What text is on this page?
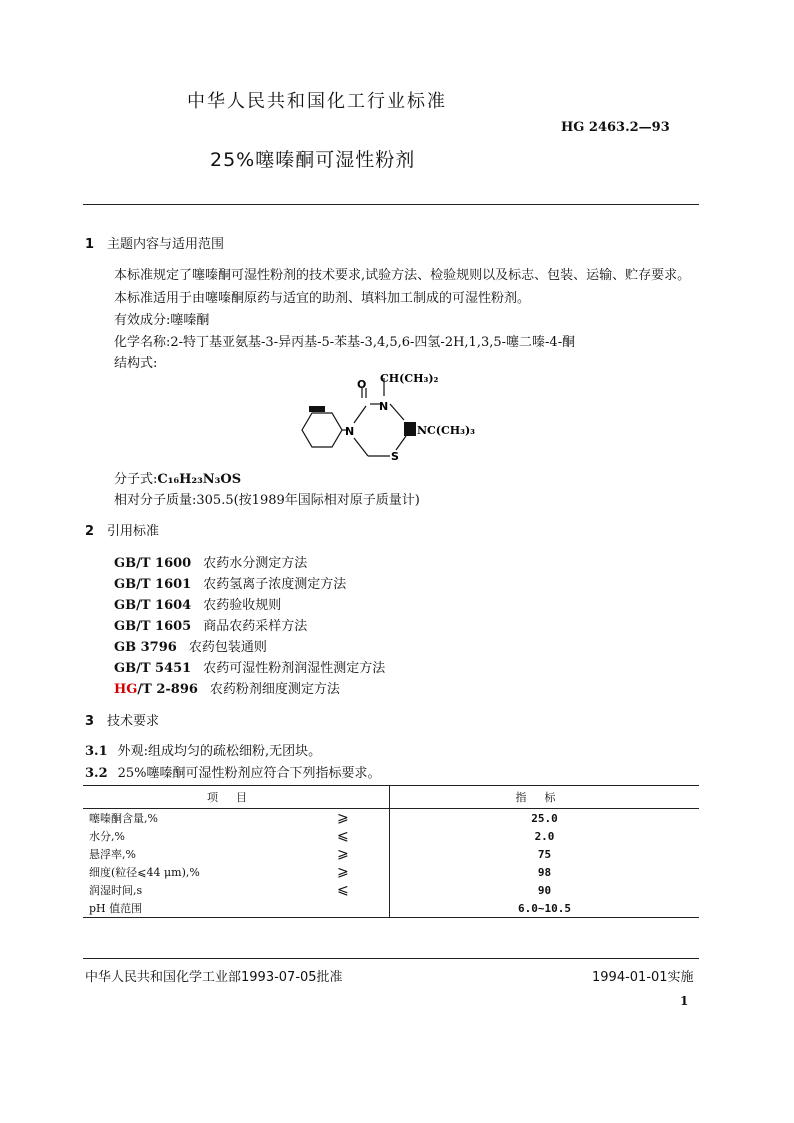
中华人民共和国化工行业标准
HG 2463.2—93
25%噻嗪酮可湿性粉剂
1 主题内容与适用范围
本标准规定了噻嗪酮可湿性粉剂的技术要求,试验方法、检验规则以及标志、包装、运输、贮存要求。
本标准适用于由噻嗪酮原药与适宜的助剂、填料加工制成的可湿性粉剂。
有效成分:噻嗪酮
化学名称:2-特丁基亚氨基-3-异丙基-5-苯基-3,4,5,6-四氢-2H,1,3,5-噻二嗪-4-酮
结构式:
O
N
N
S
CH(CH₃)₂
NC(CH₃)₃
分子式:C₁₆H₂₃N₃OS
相对分子质量:305.5(按1989年国际相对原子质量计)
2 引用标准
GB/T 1600 农药水分测定方法
GB/T 1601 农药氢离子浓度测定方法
GB/T 1604 农药验收规则
GB/T 1605 商品农药采样方法
GB 3796 农药包装通则
GB/T 5451 农药可湿性粉剂润湿性测定方法
HG/T 2-896 农药粉剂细度测定方法
3 技术要求
3.1 外观:组成均匀的疏松细粉,无团块。
3.2 25%噻嗪酮可湿性粉剂应符合下列指标要求。
项目		指标
噻嗪酮含量,%	⩾	25.0
水分,%	⩽	2.0
悬浮率,%	⩾	75
细度(粒径⩽44 μm),%	⩾	98
润湿时间,s	⩽	90
pH 值范围		6.0~10.5
中华人民共和国化学工业部1993-07-05批准	1994-01-01实施
1
